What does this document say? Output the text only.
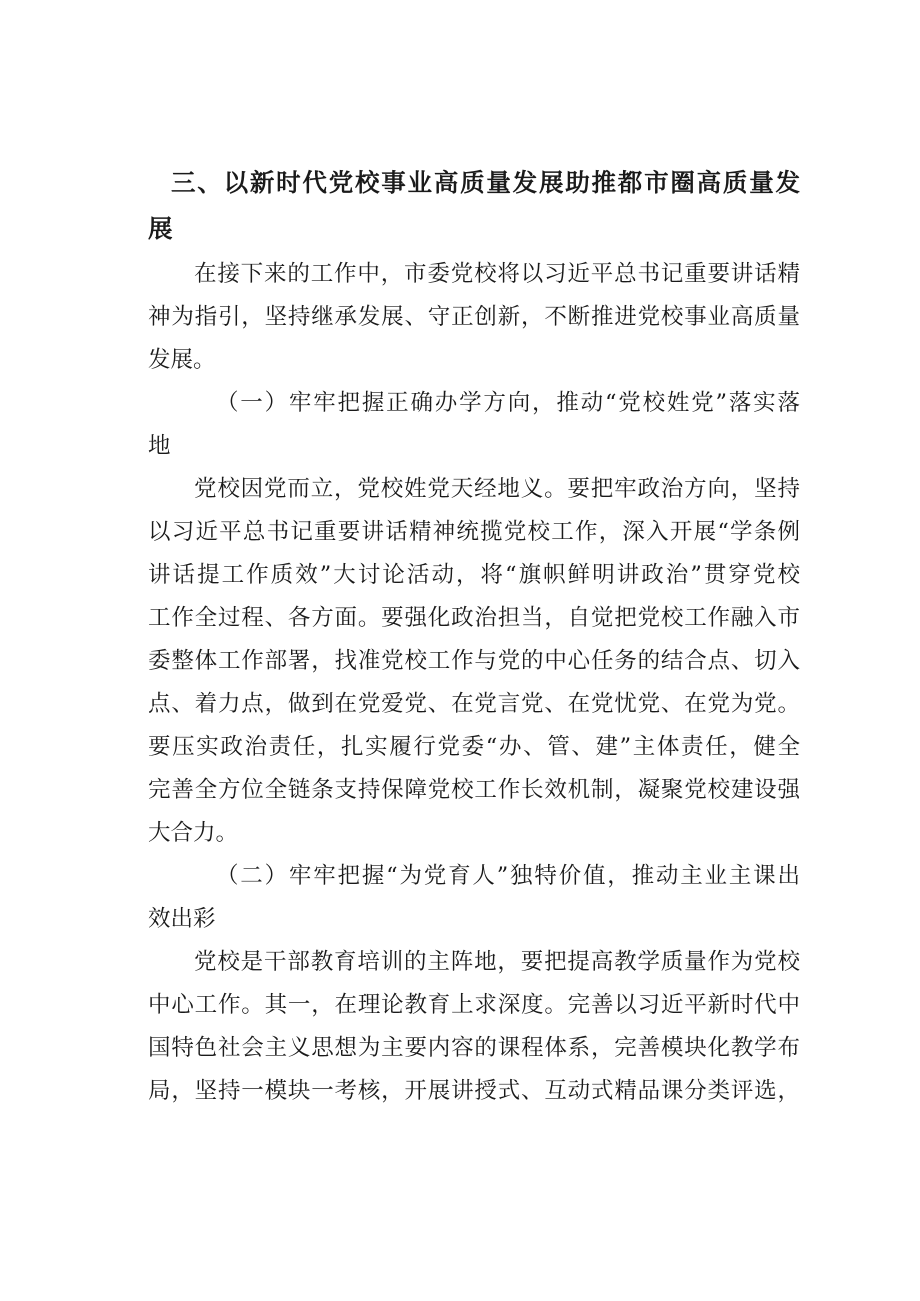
三、以新时代党校事业高质量发展助推都市圈高质量发
展
在接下来的工作中，市委党校将以习近平总书记重要讲话精
神为指引，坚持继承发展、守正创新，不断推进党校事业高质量
发展。
（一）牢牢把握正确办学方向，推动“党校姓党”落实落
地
党校因党而立，党校姓党天经地义。要把牢政治方向，坚持
以习近平总书记重要讲话精神统揽党校工作，深入开展“学条例
讲话提工作质效”大讨论活动，将“旗帜鲜明讲政治”贯穿党校
工作全过程、各方面。要强化政治担当，自觉把党校工作融入市
委整体工作部署，找准党校工作与党的中心任务的结合点、切入
点、着力点，做到在党爱党、在党言党、在党忧党、在党为党。
要压实政治责任，扎实履行党委“办、管、建”主体责任，健全
完善全方位全链条支持保障党校工作长效机制，凝聚党校建设强
大合力。
（二）牢牢把握“为党育人”独特价值，推动主业主课出
效出彩
党校是干部教育培训的主阵地，要把提高教学质量作为党校
中心工作。其一，在理论教育上求深度。完善以习近平新时代中
国特色社会主义思想为主要内容的课程体系，完善模块化教学布
局，坚持一模块一考核，开展讲授式、互动式精品课分类评选，
